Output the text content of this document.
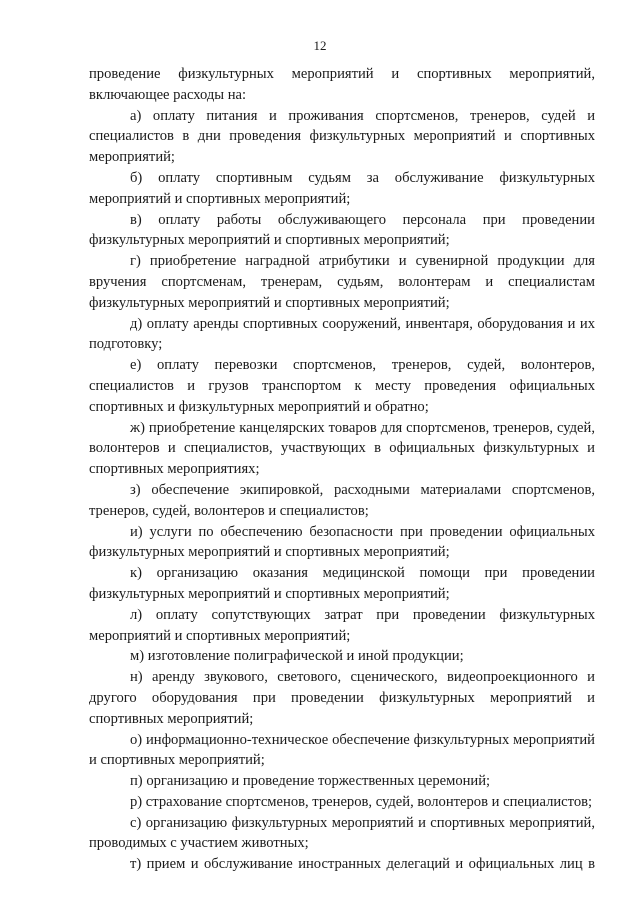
12

проведение физкультурных мероприятий и спортивных мероприятий, включающее расходы на:

а) оплату питания и проживания спортсменов, тренеров, судей и специалистов в дни проведения физкультурных мероприятий и спортивных мероприятий;

б) оплату спортивным судьям за обслуживание физкультурных мероприятий и спортивных мероприятий;

в) оплату работы обслуживающего персонала при проведении физкультурных мероприятий и спортивных мероприятий;

г) приобретение наградной атрибутики и сувенирной продукции для вручения спортсменам, тренерам, судьям, волонтерам и специалистам физкультурных мероприятий и спортивных мероприятий;

д) оплату аренды спортивных сооружений, инвентаря, оборудования и их подготовку;

е) оплату перевозки спортсменов, тренеров, судей, волонтеров, специалистов и грузов транспортом к месту проведения официальных спортивных и физкультурных мероприятий и обратно;

ж) приобретение канцелярских товаров для спортсменов, тренеров, судей, волонтеров и специалистов, участвующих в официальных физкультурных и спортивных мероприятиях;

з) обеспечение экипировкой, расходными материалами спортсменов, тренеров, судей, волонтеров и специалистов;

и) услуги по обеспечению безопасности при проведении официальных физкультурных мероприятий и спортивных мероприятий;

к) организацию оказания медицинской помощи при проведении физкультурных мероприятий и спортивных мероприятий;

л) оплату сопутствующих затрат при проведении физкультурных мероприятий и спортивных мероприятий;

м) изготовление полиграфической и иной продукции;

н) аренду звукового, светового, сценического, видеопроекционного и другого оборудования при проведении физкультурных мероприятий и спортивных мероприятий;

о) информационно-техническое обеспечение физкультурных мероприятий и спортивных мероприятий;

п) организацию и проведение торжественных церемоний;

р) страхование спортсменов, тренеров, судей, волонтеров и специалистов;

с) организацию физкультурных мероприятий и спортивных мероприятий, проводимых с участием животных;

т) прием и обслуживание иностранных делегаций и официальных лиц в
